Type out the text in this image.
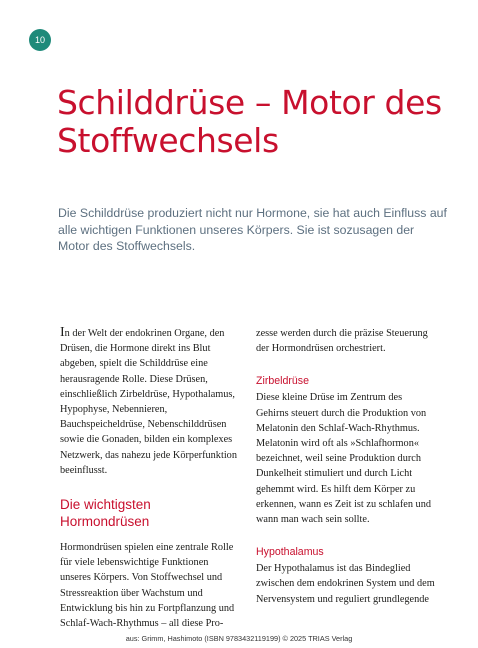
10
Schilddrüse – Motor des Stoffwechsels

Die Schilddrüse produziert nicht nur Hormone, sie hat auch Einfluss auf alle wichtigen Funktionen unseres Körpers. Sie ist sozusagen der Motor des Stoffwechsels.

In der Welt der endokrinen Organe, den Drüsen, die Hormone direkt ins Blut abgeben, spielt die Schilddrüse eine herausragende Rolle. Diese Drüsen, einschließlich Zirbeldrüse, Hypothalamus, Hypophyse, Nebennieren, Bauchspeicheldrüse, Nebenschilddrüsen sowie die Gonaden, bilden ein komplexes Netzwerk, das nahezu jede Körperfunktion beeinflusst.

Die wichtigsten Hormondrüsen

Hormondrüsen spielen eine zentrale Rolle für viele lebenswichtige Funktionen unseres Körpers. Von Stoffwechsel und Stressreaktion über Wachstum und Entwicklung bis hin zu Fortpflanzung und Schlaf-Wach-Rhythmus – all diese Pro-

zesse werden durch die präzise Steuerung der Hormondrüsen orchestriert.

Zirbeldrüse

Diese kleine Drüse im Zentrum des Gehirns steuert durch die Produktion von Melatonin den Schlaf-Wach-Rhythmus. Melatonin wird oft als »Schlafhormon« bezeichnet, weil seine Produktion durch Dunkelheit stimuliert und durch Licht gehemmt wird. Es hilft dem Körper zu erkennen, wann es Zeit ist zu schlafen und wann man wach sein sollte.

Hypothalamus

Der Hypothalamus ist das Bindeglied zwischen dem endokrinen System und dem Nervensystem und reguliert grundlegende

aus: Grimm, Hashimoto (ISBN 9783432119199) © 2025 TRIAS Verlag
